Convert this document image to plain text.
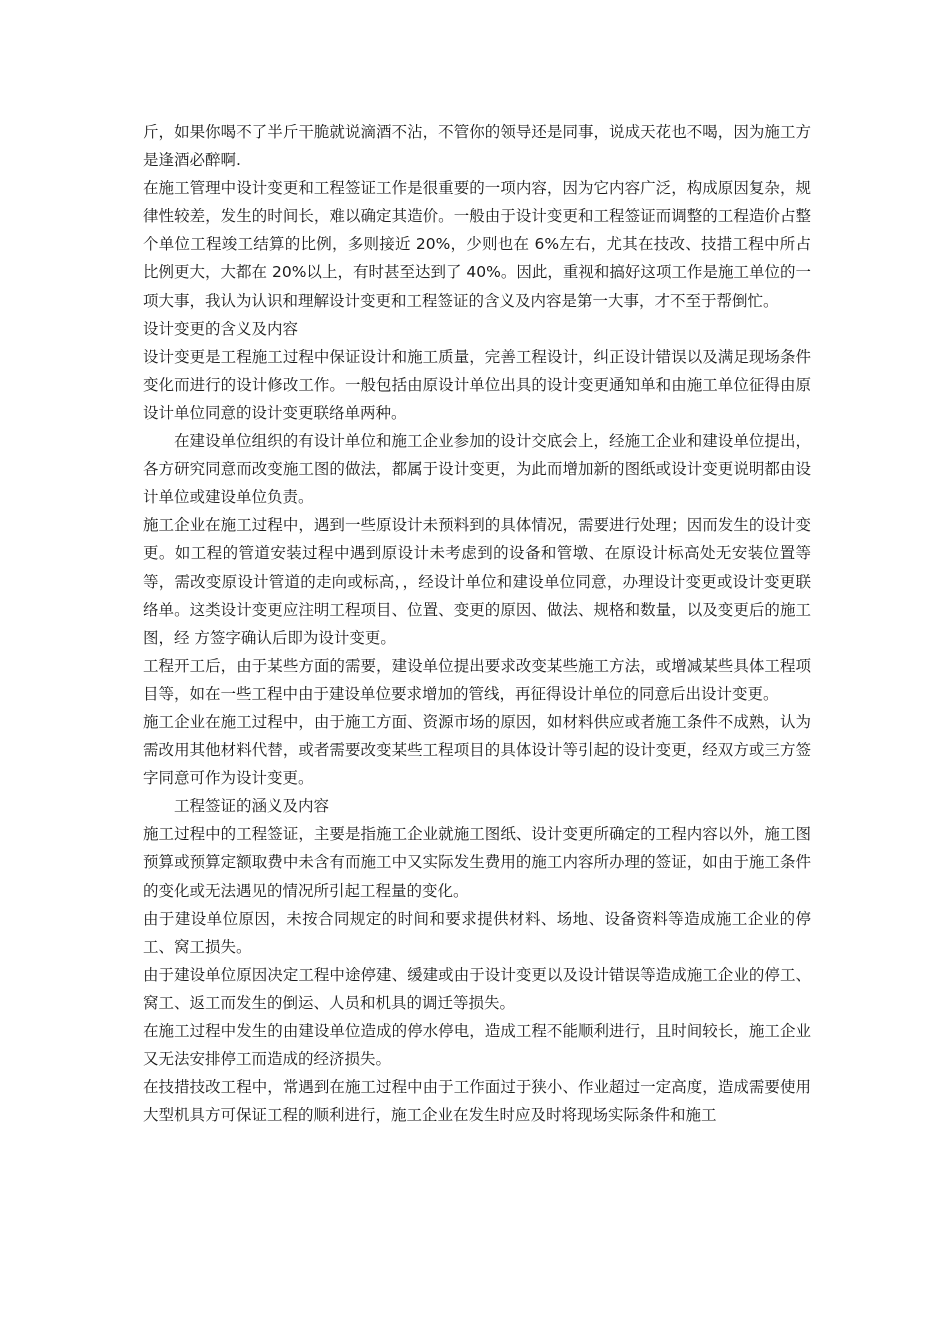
斤，如果你喝不了半斤干脆就说滴酒不沾，不管你的领导还是同事，说成天花也不喝，因为施工方是逢酒必醉啊.

在施工管理中设计变更和工程签证工作是很重要的一项内容，因为它内容广泛，构成原因复杂，规律性较差，发生的时间长，难以确定其造价。一般由于设计变更和工程签证而调整的工程造价占整个单位工程竣工结算的比例，多则接近 20%，少则也在 6%左右，尤其在技改、技措工程中所占比例更大，大都在 20%以上，有时甚至达到了 40%。因此，重视和搞好这项工作是施工单位的一项大事，我认为认识和理解设计变更和工程签证的含义及内容是第一大事，才不至于帮倒忙。

设计变更的含义及内容

设计变更是工程施工过程中保证设计和施工质量，完善工程设计，纠正设计错误以及满足现场条件变化而进行的设计修改工作。一般包括由原设计单位出具的设计变更通知单和由施工单位征得由原设计单位同意的设计变更联络单两种。

在建设单位组织的有设计单位和施工企业参加的设计交底会上，经施工企业和建设单位提出，各方研究同意而改变施工图的做法，都属于设计变更，为此而增加新的图纸或设计变更说明都由设计单位或建设单位负责。

施工企业在施工过程中，遇到一些原设计未预料到的具体情况，需要进行处理；因而发生的设计变更。如工程的管道安装过程中遇到原设计未考虑到的设备和管墩、在原设计标高处无安装位置等等，需改变原设计管道的走向或标高，，经设计单位和建设单位同意，办理设计变更或设计变更联络单。这类设计变更应注明工程项目、位置、变更的原因、做法、规格和数量，以及变更后的施工图，经 方签字确认后即为设计变更。

工程开工后，由于某些方面的需要，建设单位提出要求改变某些施工方法，或增减某些具体工程项目等，如在一些工程中由于建设单位要求增加的管线，再征得设计单位的同意后出设计变更。

施工企业在施工过程中，由于施工方面、资源市场的原因，如材料供应或者施工条件不成熟，认为需改用其他材料代替，或者需要改变某些工程项目的具体设计等引起的设计变更，经双方或三方签字同意可作为设计变更。

工程签证的涵义及内容

施工过程中的工程签证，主要是指施工企业就施工图纸、设计变更所确定的工程内容以外，施工图预算或预算定额取费中未含有而施工中又实际发生费用的施工内容所办理的签证，如由于施工条件的变化或无法遇见的情况所引起工程量的变化。

由于建设单位原因，未按合同规定的时间和要求提供材料、场地、设备资料等造成施工企业的停工、窝工损失。

由于建设单位原因决定工程中途停建、缓建或由于设计变更以及设计错误等造成施工企业的停工、窝工、返工而发生的倒运、人员和机具的调迁等损失。

在施工过程中发生的由建设单位造成的停水停电，造成工程不能顺利进行，且时间较长，施工企业又无法安排停工而造成的经济损失。

在技措技改工程中，常遇到在施工过程中由于工作面过于狭小、作业超过一定高度，造成需要使用大型机具方可保证工程的顺利进行，施工企业在发生时应及时将现场实际条件和施工
